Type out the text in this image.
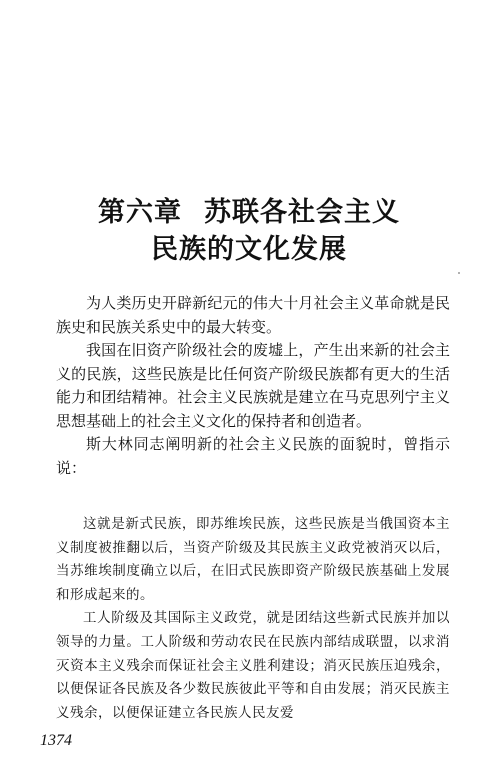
第六章 苏联各社会主义
民族的文化发展

为人类历史开辟新纪元的伟大十月社会主义革命就是民族史和民族关系史中的最大转变。

我国在旧资产阶级社会的废墟上，产生出来新的社会主义的民族，这些民族是比任何资产阶级民族都有更大的生活能力和团结精神。社会主义民族就是建立在马克思列宁主义思想基础上的社会主义文化的保持者和创造者。

斯大林同志阐明新的社会主义民族的面貌时，曾指示说：

这就是新式民族，即苏维埃民族，这些民族是当俄国资本主义制度被推翻以后，当资产阶级及其民族主义政党被消灭以后，当苏维埃制度确立以后，在旧式民族即资产阶级民族基础上发展和形成起来的。

工人阶级及其国际主义政党，就是团结这些新式民族并加以领导的力量。工人阶级和劳动农民在民族内部结成联盟，以求消灭资本主义残余而保证社会主义胜利建设；消灭民族压迫残余，以便保证各民族及各少数民族彼此平等和自由发展；消灭民族主义残余，以便保证建立各民族人民友爱

1374
